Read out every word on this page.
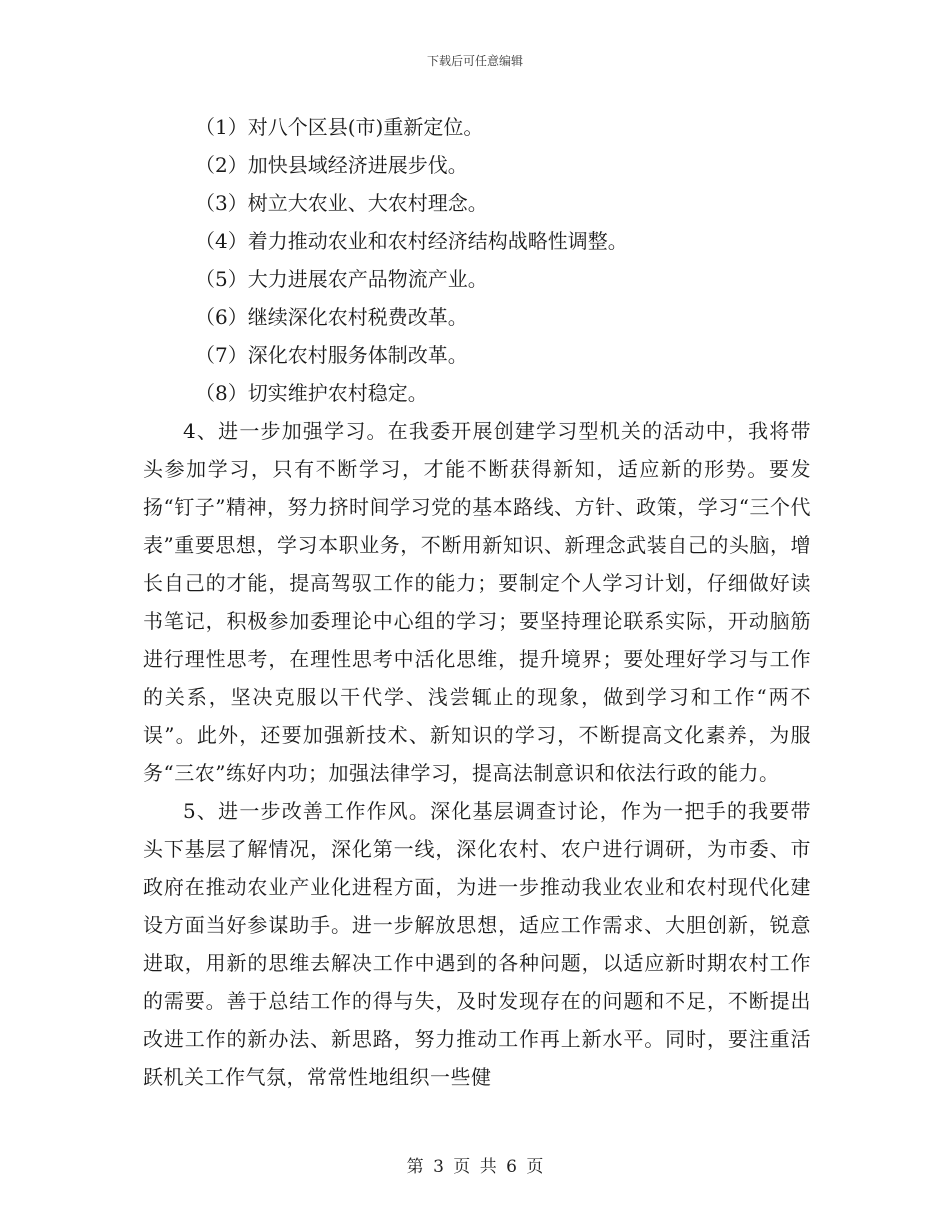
下载后可任意编辑
（1）对八个区县(市)重新定位。
（2）加快县域经济进展步伐。
（3）树立大农业、大农村理念。
（4）着力推动农业和农村经济结构战略性调整。
（5）大力进展农产品物流产业。
（6）继续深化农村税费改革。
（7）深化农村服务体制改革。
（8）切实维护农村稳定。

4、进一步加强学习。在我委开展创建学习型机关的活动中，我将带头参加学习，只有不断学习，才能不断获得新知，适应新的形势。要发扬“钉子”精神，努力挤时间学习党的基本路线、方针、政策，学习“三个代表”重要思想，学习本职业务，不断用新知识、新理念武装自己的头脑，增长自己的才能，提高驾驭工作的能力；要制定个人学习计划，仔细做好读书笔记，积极参加委理论中心组的学习；要坚持理论联系实际，开动脑筋进行理性思考，在理性思考中活化思维，提升境界；要处理好学习与工作的关系，坚决克服以干代学、浅尝辄止的现象，做到学习和工作“两不误”。此外，还要加强新技术、新知识的学习，不断提高文化素养，为服务“三农”练好内功；加强法律学习，提高法制意识和依法行政的能力。

5、进一步改善工作作风。深化基层调查讨论，作为一把手的我要带头下基层了解情况，深化第一线，深化农村、农户进行调研，为市委、市政府在推动农业产业化进程方面，为进一步推动我业农业和农村现代化建设方面当好参谋助手。进一步解放思想，适应工作需求、大胆创新，锐意进取，用新的思维去解决工作中遇到的各种问题，以适应新时期农村工作的需要。善于总结工作的得与失，及时发现存在的问题和不足，不断提出改进工作的新办法、新思路，努力推动工作再上新水平。同时，要注重活跃机关工作气氛，常常性地组织一些健

第 3 页 共 6 页
